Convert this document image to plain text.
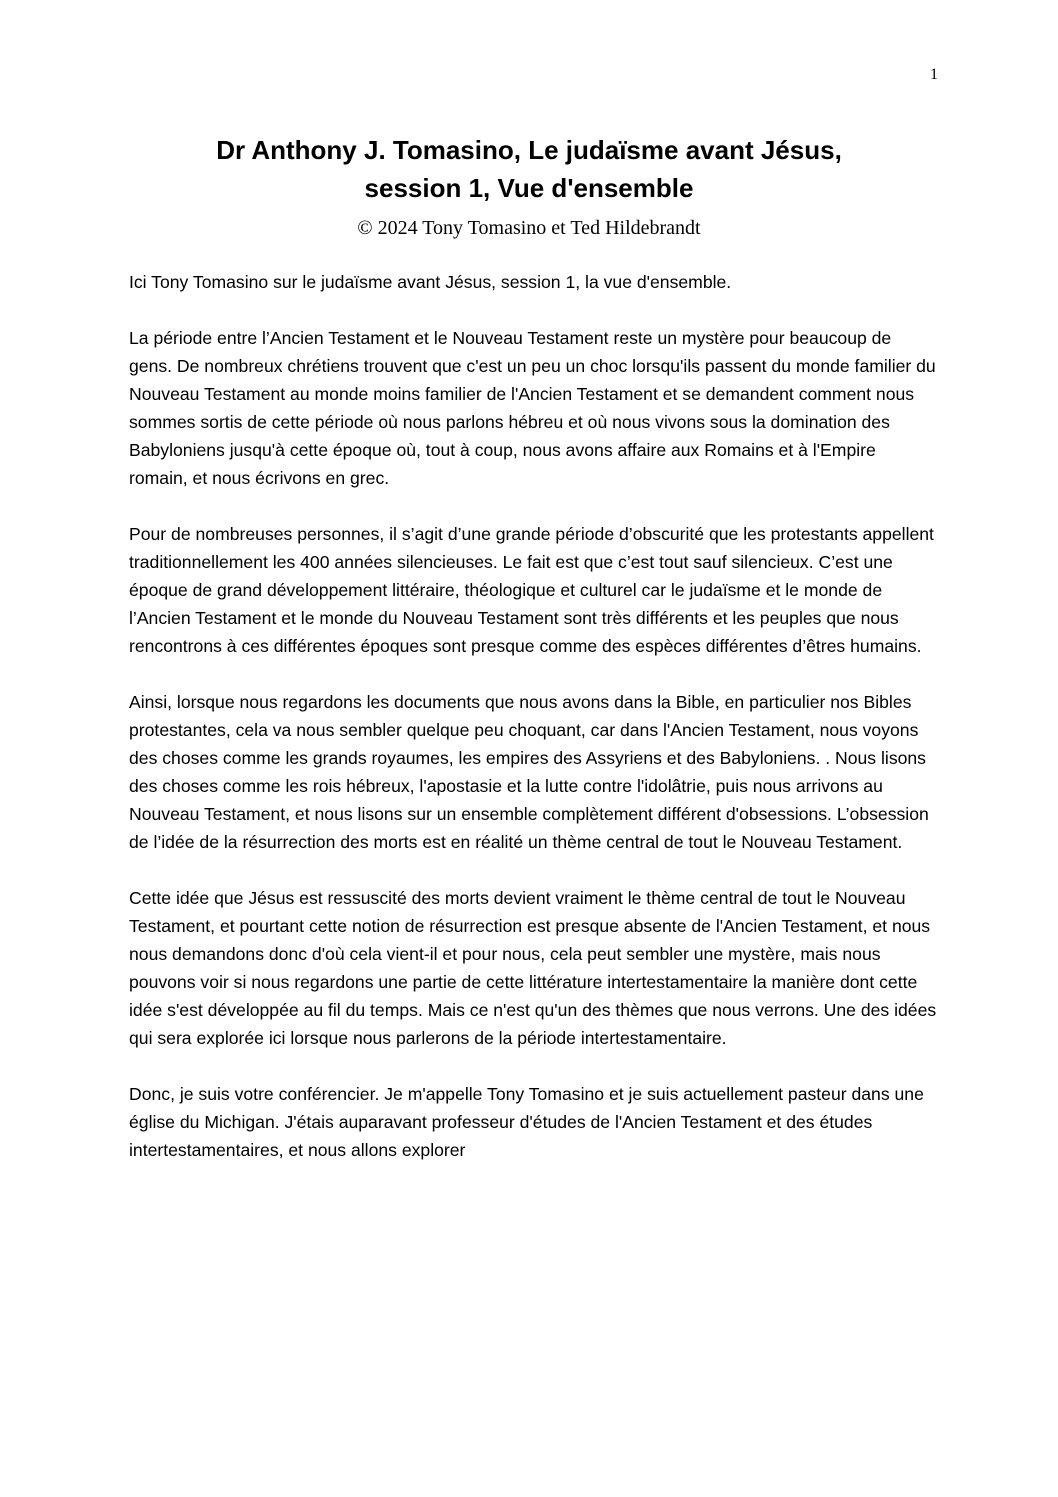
1
Dr Anthony J. Tomasino, Le judaïsme avant Jésus,
session 1, Vue d'ensemble
© 2024 Tony Tomasino et Ted Hildebrandt

Ici Tony Tomasino sur le judaïsme avant Jésus, session 1, la vue d'ensemble.

La période entre l’Ancien Testament et le Nouveau Testament reste un mystère pour beaucoup de gens. De nombreux chrétiens trouvent que c'est un peu un choc lorsqu'ils passent du monde familier du Nouveau Testament au monde moins familier de l'Ancien Testament et se demandent comment nous sommes sortis de cette période où nous parlons hébreu et où nous vivons sous la domination des Babyloniens jusqu'à cette époque où, tout à coup, nous avons affaire aux Romains et à l'Empire romain, et nous écrivons en grec.

Pour de nombreuses personnes, il s’agit d’une grande période d’obscurité que les protestants appellent traditionnellement les 400 années silencieuses. Le fait est que c’est tout sauf silencieux. C’est une époque de grand développement littéraire, théologique et culturel car le judaïsme et le monde de l’Ancien Testament et le monde du Nouveau Testament sont très différents et les peuples que nous rencontrons à ces différentes époques sont presque comme des espèces différentes d’êtres humains.

Ainsi, lorsque nous regardons les documents que nous avons dans la Bible, en particulier nos Bibles protestantes, cela va nous sembler quelque peu choquant, car dans l'Ancien Testament, nous voyons des choses comme les grands royaumes, les empires des Assyriens et des Babyloniens. . Nous lisons des choses comme les rois hébreux, l'apostasie et la lutte contre l'idolâtrie, puis nous arrivons au Nouveau Testament, et nous lisons sur un ensemble complètement différent d'obsessions. L’obsession de l’idée de la résurrection des morts est en réalité un thème central de tout le Nouveau Testament.

Cette idée que Jésus est ressuscité des morts devient vraiment le thème central de tout le Nouveau Testament, et pourtant cette notion de résurrection est presque absente de l'Ancien Testament, et nous nous demandons donc d'où cela vient-il et pour nous, cela peut sembler une mystère, mais nous pouvons voir si nous regardons une partie de cette littérature intertestamentaire la manière dont cette idée s'est développée au fil du temps. Mais ce n'est qu'un des thèmes que nous verrons. Une des idées qui sera explorée ici lorsque nous parlerons de la période intertestamentaire.

Donc, je suis votre conférencier. Je m'appelle Tony Tomasino et je suis actuellement pasteur dans une église du Michigan. J'étais auparavant professeur d'études de l'Ancien Testament et des études intertestamentaires, et nous allons explorer
